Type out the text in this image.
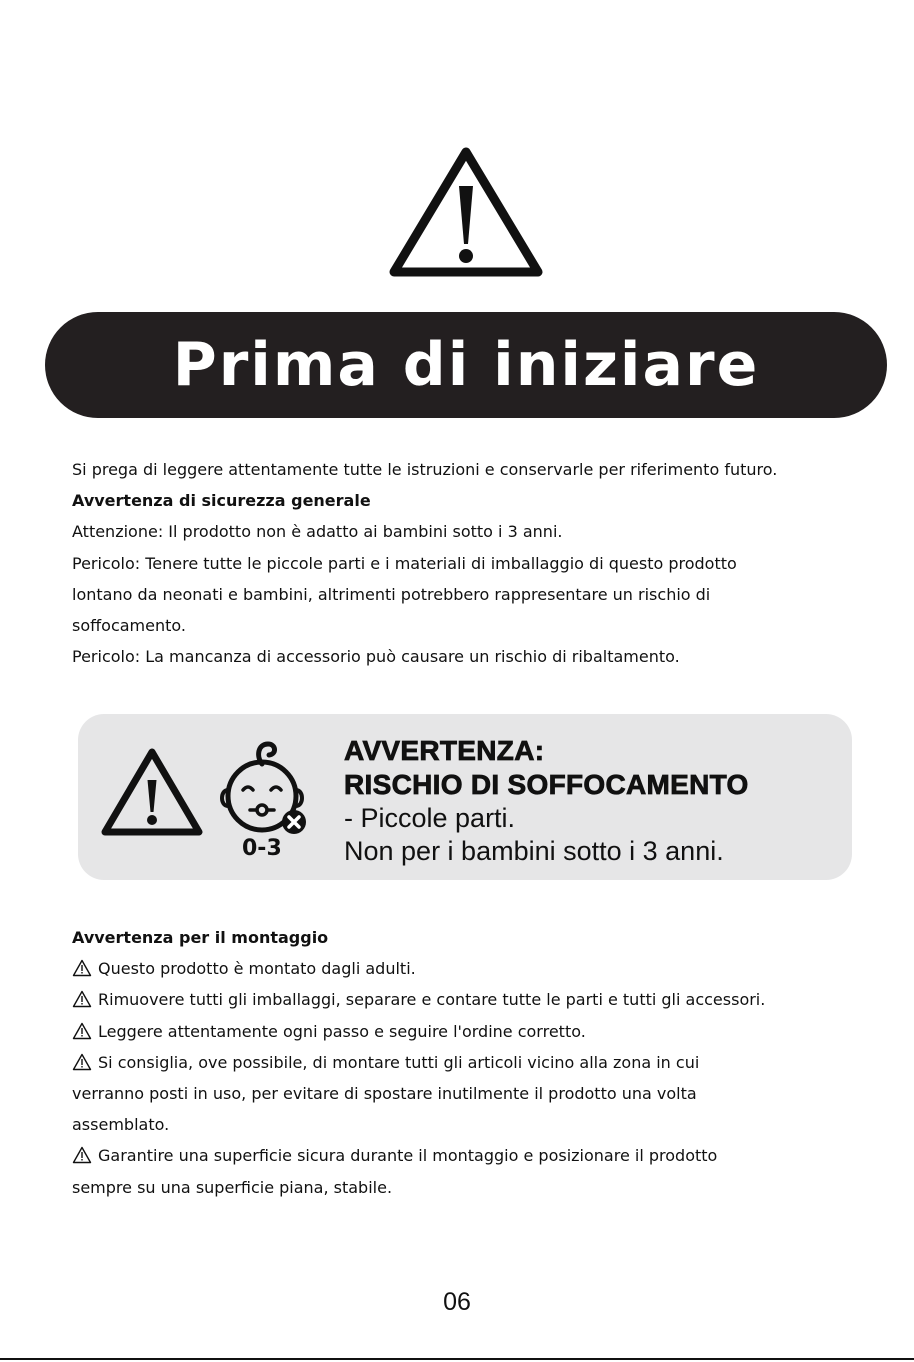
Prima di iniziare
Si prega di leggere attentamente tutte le istruzioni e conservarle per riferimento futuro.
Avvertenza di sicurezza generale
Attenzione: Il prodotto non è adatto ai bambini sotto i 3 anni.
Pericolo: Tenere tutte le piccole parti e i materiali di imballaggio di questo prodotto
lontano da neonati e bambini, altrimenti potrebbero rappresentare un rischio di
soffocamento.
Pericolo: La mancanza di accessorio può causare un rischio di ribaltamento.
0-3
AVVERTENZA:
RISCHIO DI SOFFOCAMENTO
- Piccole parti.
Non per i bambini sotto i 3 anni.
Avvertenza per il montaggio
Questo prodotto è montato dagli adulti.
Rimuovere tutti gli imballaggi, separare e contare tutte le parti e tutti gli accessori.
Leggere attentamente ogni passo e seguire l'ordine corretto.
Si consiglia, ove possibile, di montare tutti gli articoli vicino alla zona in cui
verranno posti in uso, per evitare di spostare inutilmente il prodotto una volta
assemblato.
Garantire una superficie sicura durante il montaggio e posizionare il prodotto
sempre su una superficie piana, stabile.
06
